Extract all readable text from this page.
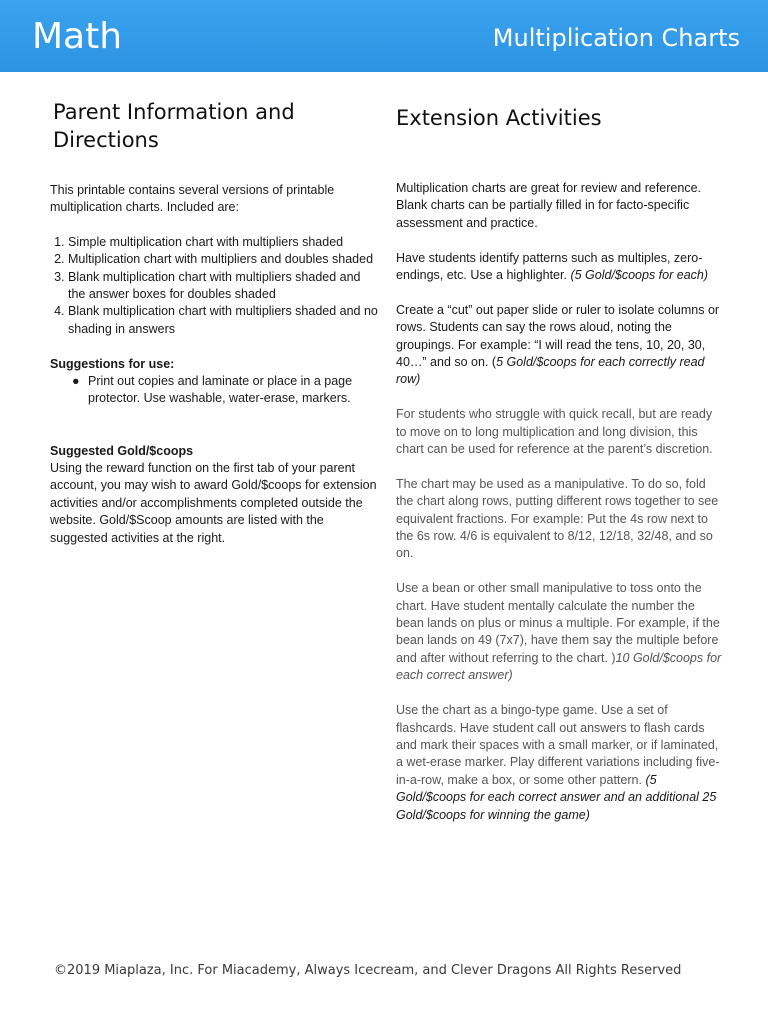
Math	Multiplication Charts
Parent Information and Directions

This printable contains several versions of printable multiplication charts. Included are:

1. Simple multiplication chart with multipliers shaded
2. Multiplication chart with multipliers and doubles shaded
3. Blank multiplication chart with multipliers shaded and the answer boxes for doubles shaded
4. Blank multiplication chart with multipliers shaded and no shading in answers

Suggestions for use:

● Print out copies and laminate or place in a page protector. Use washable, water-erase, markers.

Suggested Gold/$coops

Using the reward function on the first tab of your parent account, you may wish to award Gold/$coops for extension activities and/or accomplishments completed outside the website. Gold/$Scoop amounts are listed with the suggested activities at the right.

Extension Activities

Multiplication charts are great for review and reference. Blank charts can be partially filled in for facto-specific assessment and practice.

Have students identify patterns such as multiples, zero-endings, etc. Use a highlighter. (5 Gold/$coops for each)

Create a “cut” out paper slide or ruler to isolate columns or rows. Students can say the rows aloud, noting the groupings. For example: “I will read the tens, 10, 20, 30, 40…” and so on. (5 Gold/$coops for each correctly read row)

For students who struggle with quick recall, but are ready to move on to long multiplication and long division, this chart can be used for reference at the parent’s discretion.

The chart may be used as a manipulative. To do so, fold the chart along rows, putting different rows together to see equivalent fractions. For example: Put the 4s row next to the 6s row. 4/6 is equivalent to 8/12, 12/18, 32/48, and so on.

Use a bean or other small manipulative to toss onto the chart. Have student mentally calculate the number the bean lands on plus or minus a multiple. For example, if the bean lands on 49 (7x7), have them say the multiple before and after without referring to the chart. )10 Gold/$coops for each correct answer)

Use the chart as a bingo-type game. Use a set of flashcards. Have student call out answers to flash cards and mark their spaces with a small marker, or if laminated, a wet-erase marker. Play different variations including five-in-a-row, make a box, or some other pattern. (5 Gold/$coops for each correct answer and an additional 25 Gold/$coops for winning the game)

©2019 Miaplaza, Inc. For Miacademy, Always Icecream, and Clever Dragons All Rights Reserved
